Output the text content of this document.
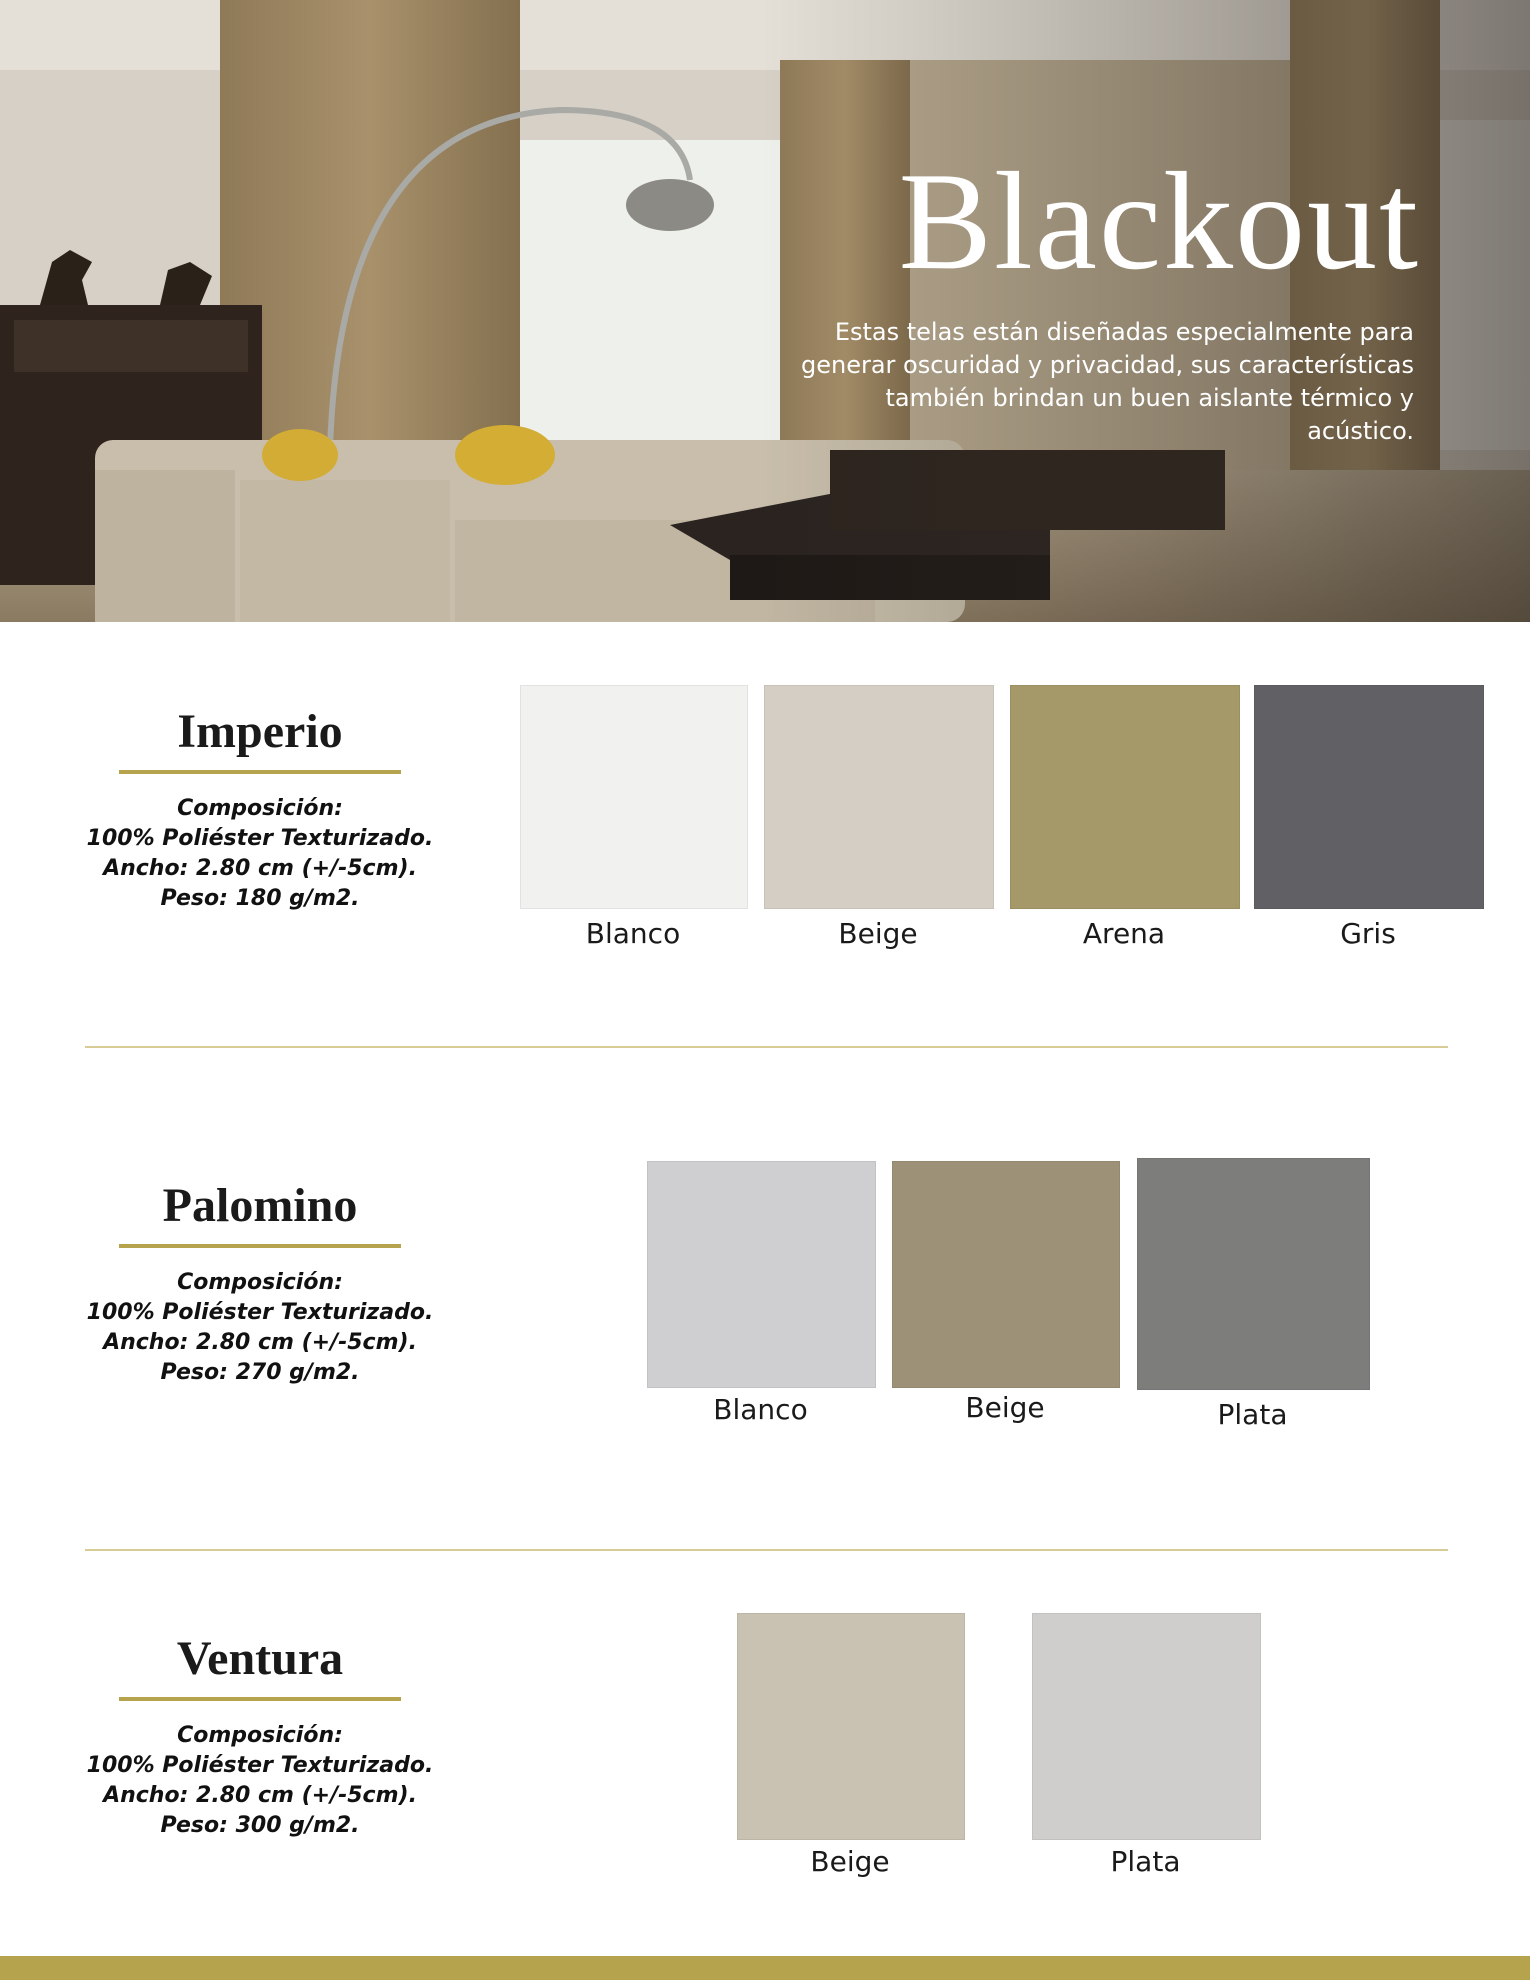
Blackout
Estas telas están diseñadas especialmente para generar oscuridad y privacidad, sus características también brindan un buen aislante térmico y acústico.
Imperio
Composición:
100% Poliéster Texturizado.
Ancho: 2.80 cm (+/-5cm).
Peso: 180 g/m2.
Blanco	Beige	Arena	Gris
Palomino
Composición:
100% Poliéster Texturizado.
Ancho: 2.80 cm (+/-5cm).
Peso: 270 g/m2.
Blanco	Beige	Plata
Ventura
Composición:
100% Poliéster Texturizado.
Ancho: 2.80 cm (+/-5cm).
Peso: 300 g/m2.
Beige	Plata
